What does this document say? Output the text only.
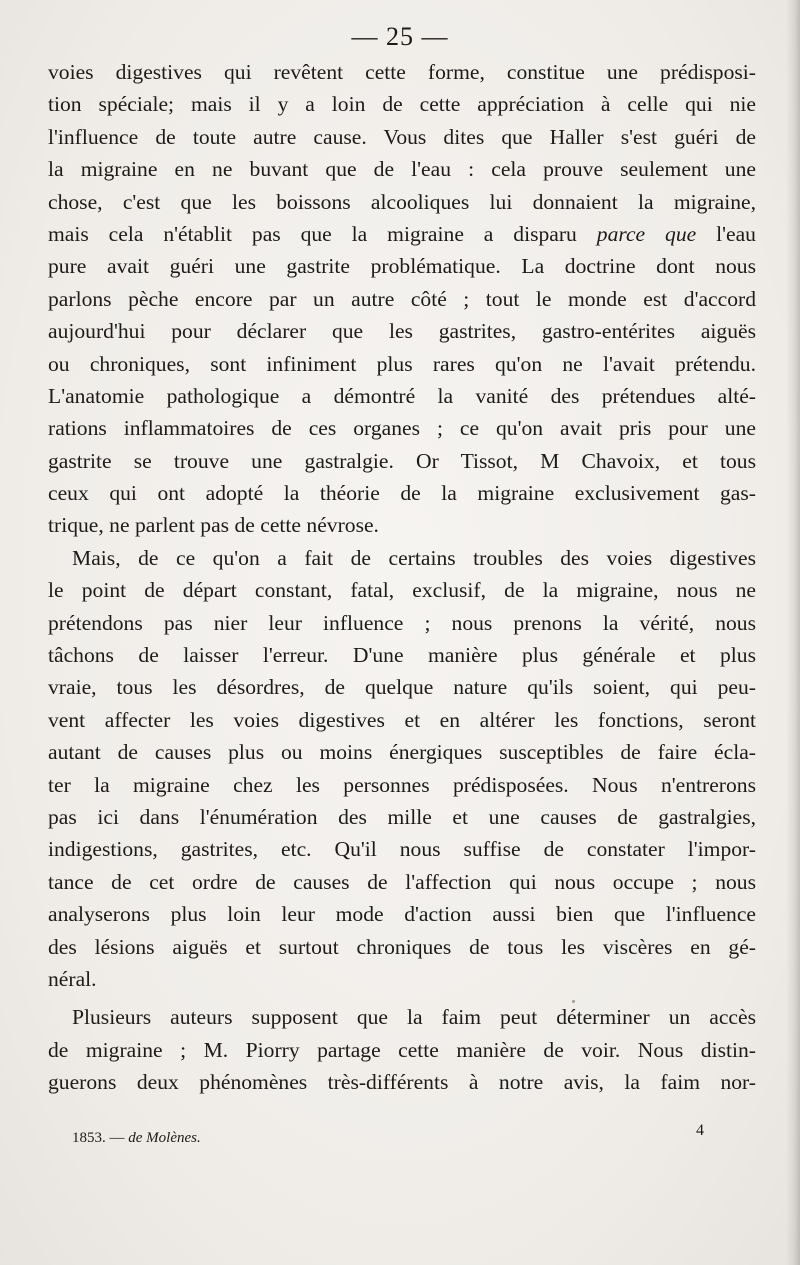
— 25 —
voies digestives qui revêtent cette forme, constitue une prédisposi-
tion spéciale; mais il y a loin de cette appréciation à celle qui nie
l'influence de toute autre cause. Vous dites que Haller s'est guéri de
la migraine en ne buvant que de l'eau : cela prouve seulement une
chose, c'est que les boissons alcooliques lui donnaient la migraine,
mais cela n'établit pas que la migraine a disparu parce que l'eau
pure avait guéri une gastrite problématique. La doctrine dont nous
parlons pèche encore par un autre côté ; tout le monde est d'accord
aujourd'hui pour déclarer que les gastrites, gastro-entérites aiguës
ou chroniques, sont infiniment plus rares qu'on ne l'avait prétendu.
L'anatomie pathologique a démontré la vanité des prétendues alté-
rations inflammatoires de ces organes ; ce qu'on avait pris pour une
gastrite se trouve une gastralgie. Or Tissot, M Chavoix, et tous
ceux qui ont adopté la théorie de la migraine exclusivement gas-
trique, ne parlent pas de cette névrose.
Mais, de ce qu'on a fait de certains troubles des voies digestives
le point de départ constant, fatal, exclusif, de la migraine, nous ne
prétendons pas nier leur influence ; nous prenons la vérité, nous
tâchons de laisser l'erreur. D'une manière plus générale et plus
vraie, tous les désordres, de quelque nature qu'ils soient, qui peu-
vent affecter les voies digestives et en altérer les fonctions, seront
autant de causes plus ou moins énergiques susceptibles de faire écla-
ter la migraine chez les personnes prédisposées. Nous n'entrerons
pas ici dans l'énumération des mille et une causes de gastralgies,
indigestions, gastrites, etc. Qu'il nous suffise de constater l'impor-
tance de cet ordre de causes de l'affection qui nous occupe ; nous
analyserons plus loin leur mode d'action aussi bien que l'influence
des lésions aiguës et surtout chroniques de tous les viscères en gé-
néral.
Plusieurs auteurs supposent que la faim peut déterminer un accès
de migraine ; M. Piorry partage cette manière de voir. Nous distin-
guerons deux phénomènes très-différents à notre avis, la faim nor-
1853. — de Molènes.	4
